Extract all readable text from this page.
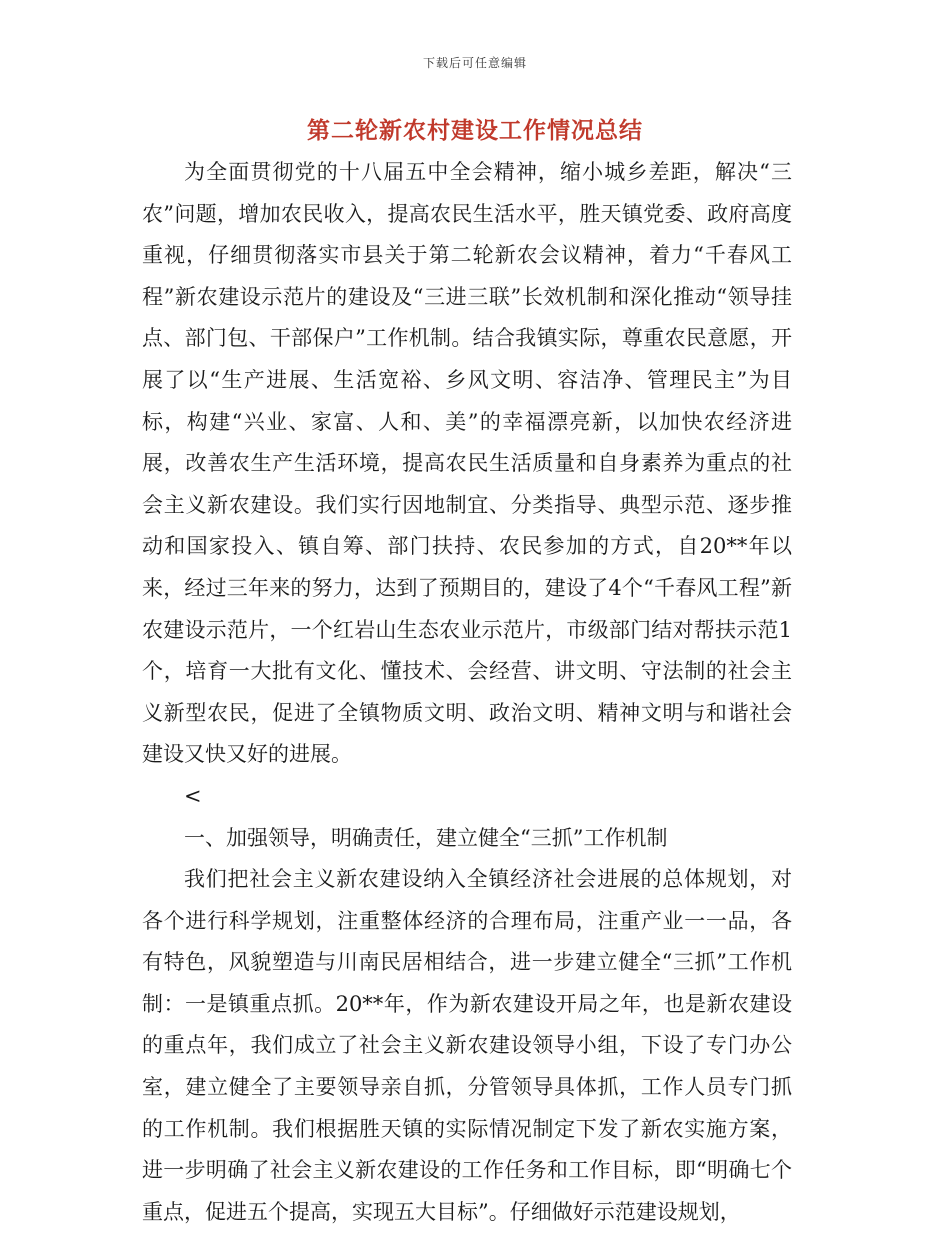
下载后可任意编辑
第二轮新农村建设工作情况总结

为全面贯彻党的十八届五中全会精神，缩小城乡差距，解决“三农”问题，增加农民收入，提高农民生活水平，胜天镇党委、政府高度重视，仔细贯彻落实市县关于第二轮新农会议精神，着力“千春风工程”新农建设示范片的建设及“三进三联”长效机制和深化推动“领导挂点、部门包、干部保户”工作机制。结合我镇实际，尊重农民意愿，开展了以“生产进展、生活宽裕、乡风文明、容洁净、管理民主”为目标，构建“兴业、家富、人和、美”的幸福漂亮新，以加快农经济进展，改善农生产生活环境，提高农民生活质量和自身素养为重点的社会主义新农建设。我们实行因地制宜、分类指导、典型示范、逐步推动和国家投入、镇自筹、部门扶持、农民参加的方式，自20**年以来，经过三年来的努力，达到了预期目的，建设了4个“千春风工程”新农建设示范片，一个红岩山生态农业示范片，市级部门结对帮扶示范1个，培育一大批有文化、懂技术、会经营、讲文明、守法制的社会主义新型农民，促进了全镇物质文明、政治文明、精神文明与和谐社会建设又快又好的进展。

<

一、加强领导，明确责任，建立健全“三抓”工作机制

我们把社会主义新农建设纳入全镇经济社会进展的总体规划，对各个进行科学规划，注重整体经济的合理布局，注重产业一一品，各有特色，风貌塑造与川南民居相结合，进一步建立健全“三抓”工作机制：一是镇重点抓。20**年，作为新农建设开局之年，也是新农建设的重点年，我们成立了社会主义新农建设领导小组，下设了专门办公室，建立健全了主要领导亲自抓，分管领导具体抓，工作人员专门抓的工作机制。我们根据胜天镇的实际情况制定下发了新农实施方案，进一步明确了社会主义新农建设的工作任务和工作目标，即“明确七个重点，促进五个提高，实现五大目标”。仔细做好示范建设规划，
